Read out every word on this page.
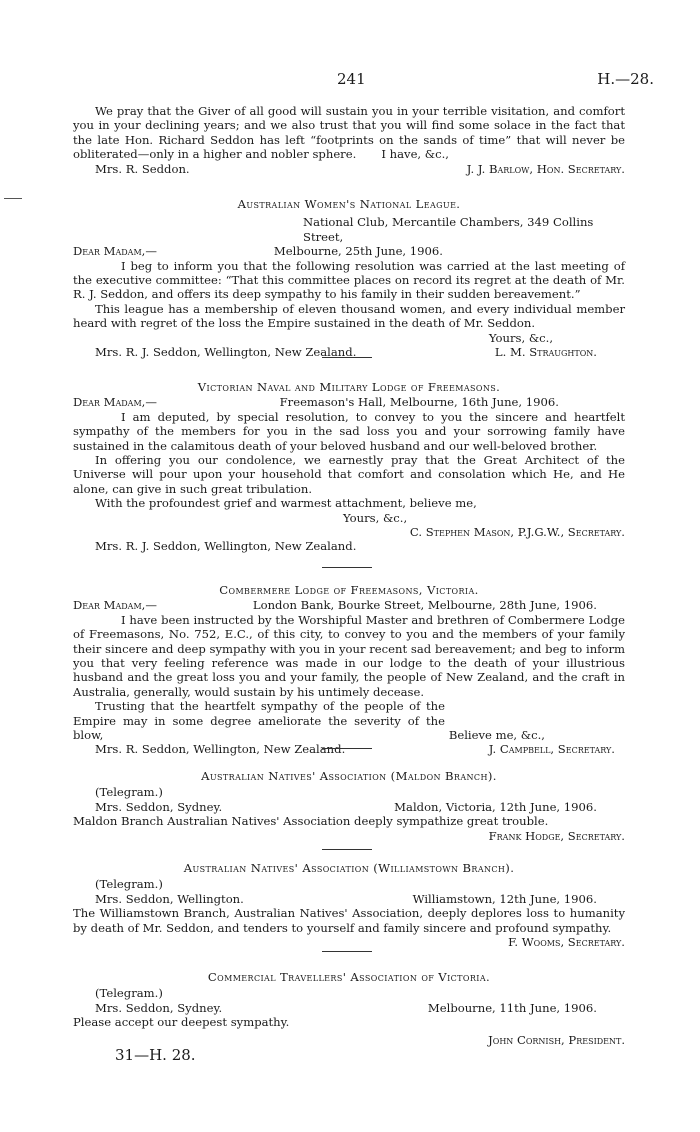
241	H.—28.

We pray that the Giver of all good will sustain you in your terrible visitation, and comfort you in your declining years; and we also trust that you will find some solace in the fact that the late Hon. Richard Seddon has left “footprints on the sands of time” that will never be obliterated—only in a higher and nobler sphere.	I have, &c.,
Mrs. R. Seddon.	J. J. Barlow, Hon. Secretary.
Australian Women's National League.
National Club, Mercantile Chambers, 349 Collins Street,
Dear Madam,—	Melbourne, 25th June, 1906.

I beg to inform you that the following resolution was carried at the last meeting of the executive committee: “That this committee places on record its regret at the death of Mr. R. J. Seddon, and offers its deep sympathy to his family in their sudden bereavement.”

This league has a membership of eleven thousand women, and every individual member heard with regret of the loss the Empire sustained in the death of Mr. Seddon.

Yours, &c.,
Mrs. R. J. Seddon, Wellington, New Zealand.	L. M. Straughton.
Victorian Naval and Military Lodge of Freemasons.
Dear Madam,—	Freemason's Hall, Melbourne, 16th June, 1906.

I am deputed, by special resolution, to convey to you the sincere and heartfelt sympathy of the members for you in the sad loss you and your sorrowing family have sustained in the calamitous death of your beloved husband and our well-beloved brother.

In offering you our condolence, we earnestly pray that the Great Architect of the Universe will pour upon your household that comfort and consolation which He, and He alone, can give in such great tribulation.

With the profoundest grief and warmest attachment, believe me,

Yours, &c.,
C. Stephen Mason, P.J.G.W., Secretary.
Mrs. R. J. Seddon, Wellington, New Zealand.
Combermere Lodge of Freemasons, Victoria.
Dear Madam,—	London Bank, Bourke Street, Melbourne, 28th June, 1906.

I have been instructed by the Worshipful Master and brethren of Combermere Lodge of Freemasons, No. 752, E.C., of this city, to convey to you and the members of your family their sincere and deep sympathy with you in your recent sad bereavement; and beg to inform you that very feeling reference was made in our lodge to the death of your illustrious husband and the great loss you and your family, the people of New Zealand, and the craft in Australia, generally, would sustain by his untimely decease.

Trusting that the heartfelt sympathy of the people of the Empire may in some degree ameliorate the severity of the blow,	Believe me, &c.,
Mrs. R. Seddon, Wellington, New Zealand.	J. Campbell, Secretary.
Australian Natives' Association (Maldon Branch).
(Telegram.)
Mrs. Seddon, Sydney.	Maldon, Victoria, 12th June, 1906.
Maldon Branch Australian Natives' Association deeply sympathize great trouble.
Frank Hodge, Secretary.
Australian Natives' Association (Williamstown Branch).
(Telegram.)
Mrs. Seddon, Wellington.	Williamstown, 12th June, 1906.

The Williamstown Branch, Australian Natives' Association, deeply deplores loss to humanity by death of Mr. Seddon, and tenders to yourself and family sincere and profound sympathy.

F. Wooms, Secretary.
Commercial Travellers' Association of Victoria.
(Telegram.)
Mrs. Seddon, Sydney.	Melbourne, 11th June, 1906.
Please accept our deepest sympathy.
John Cornish, President.
31—H. 28.
